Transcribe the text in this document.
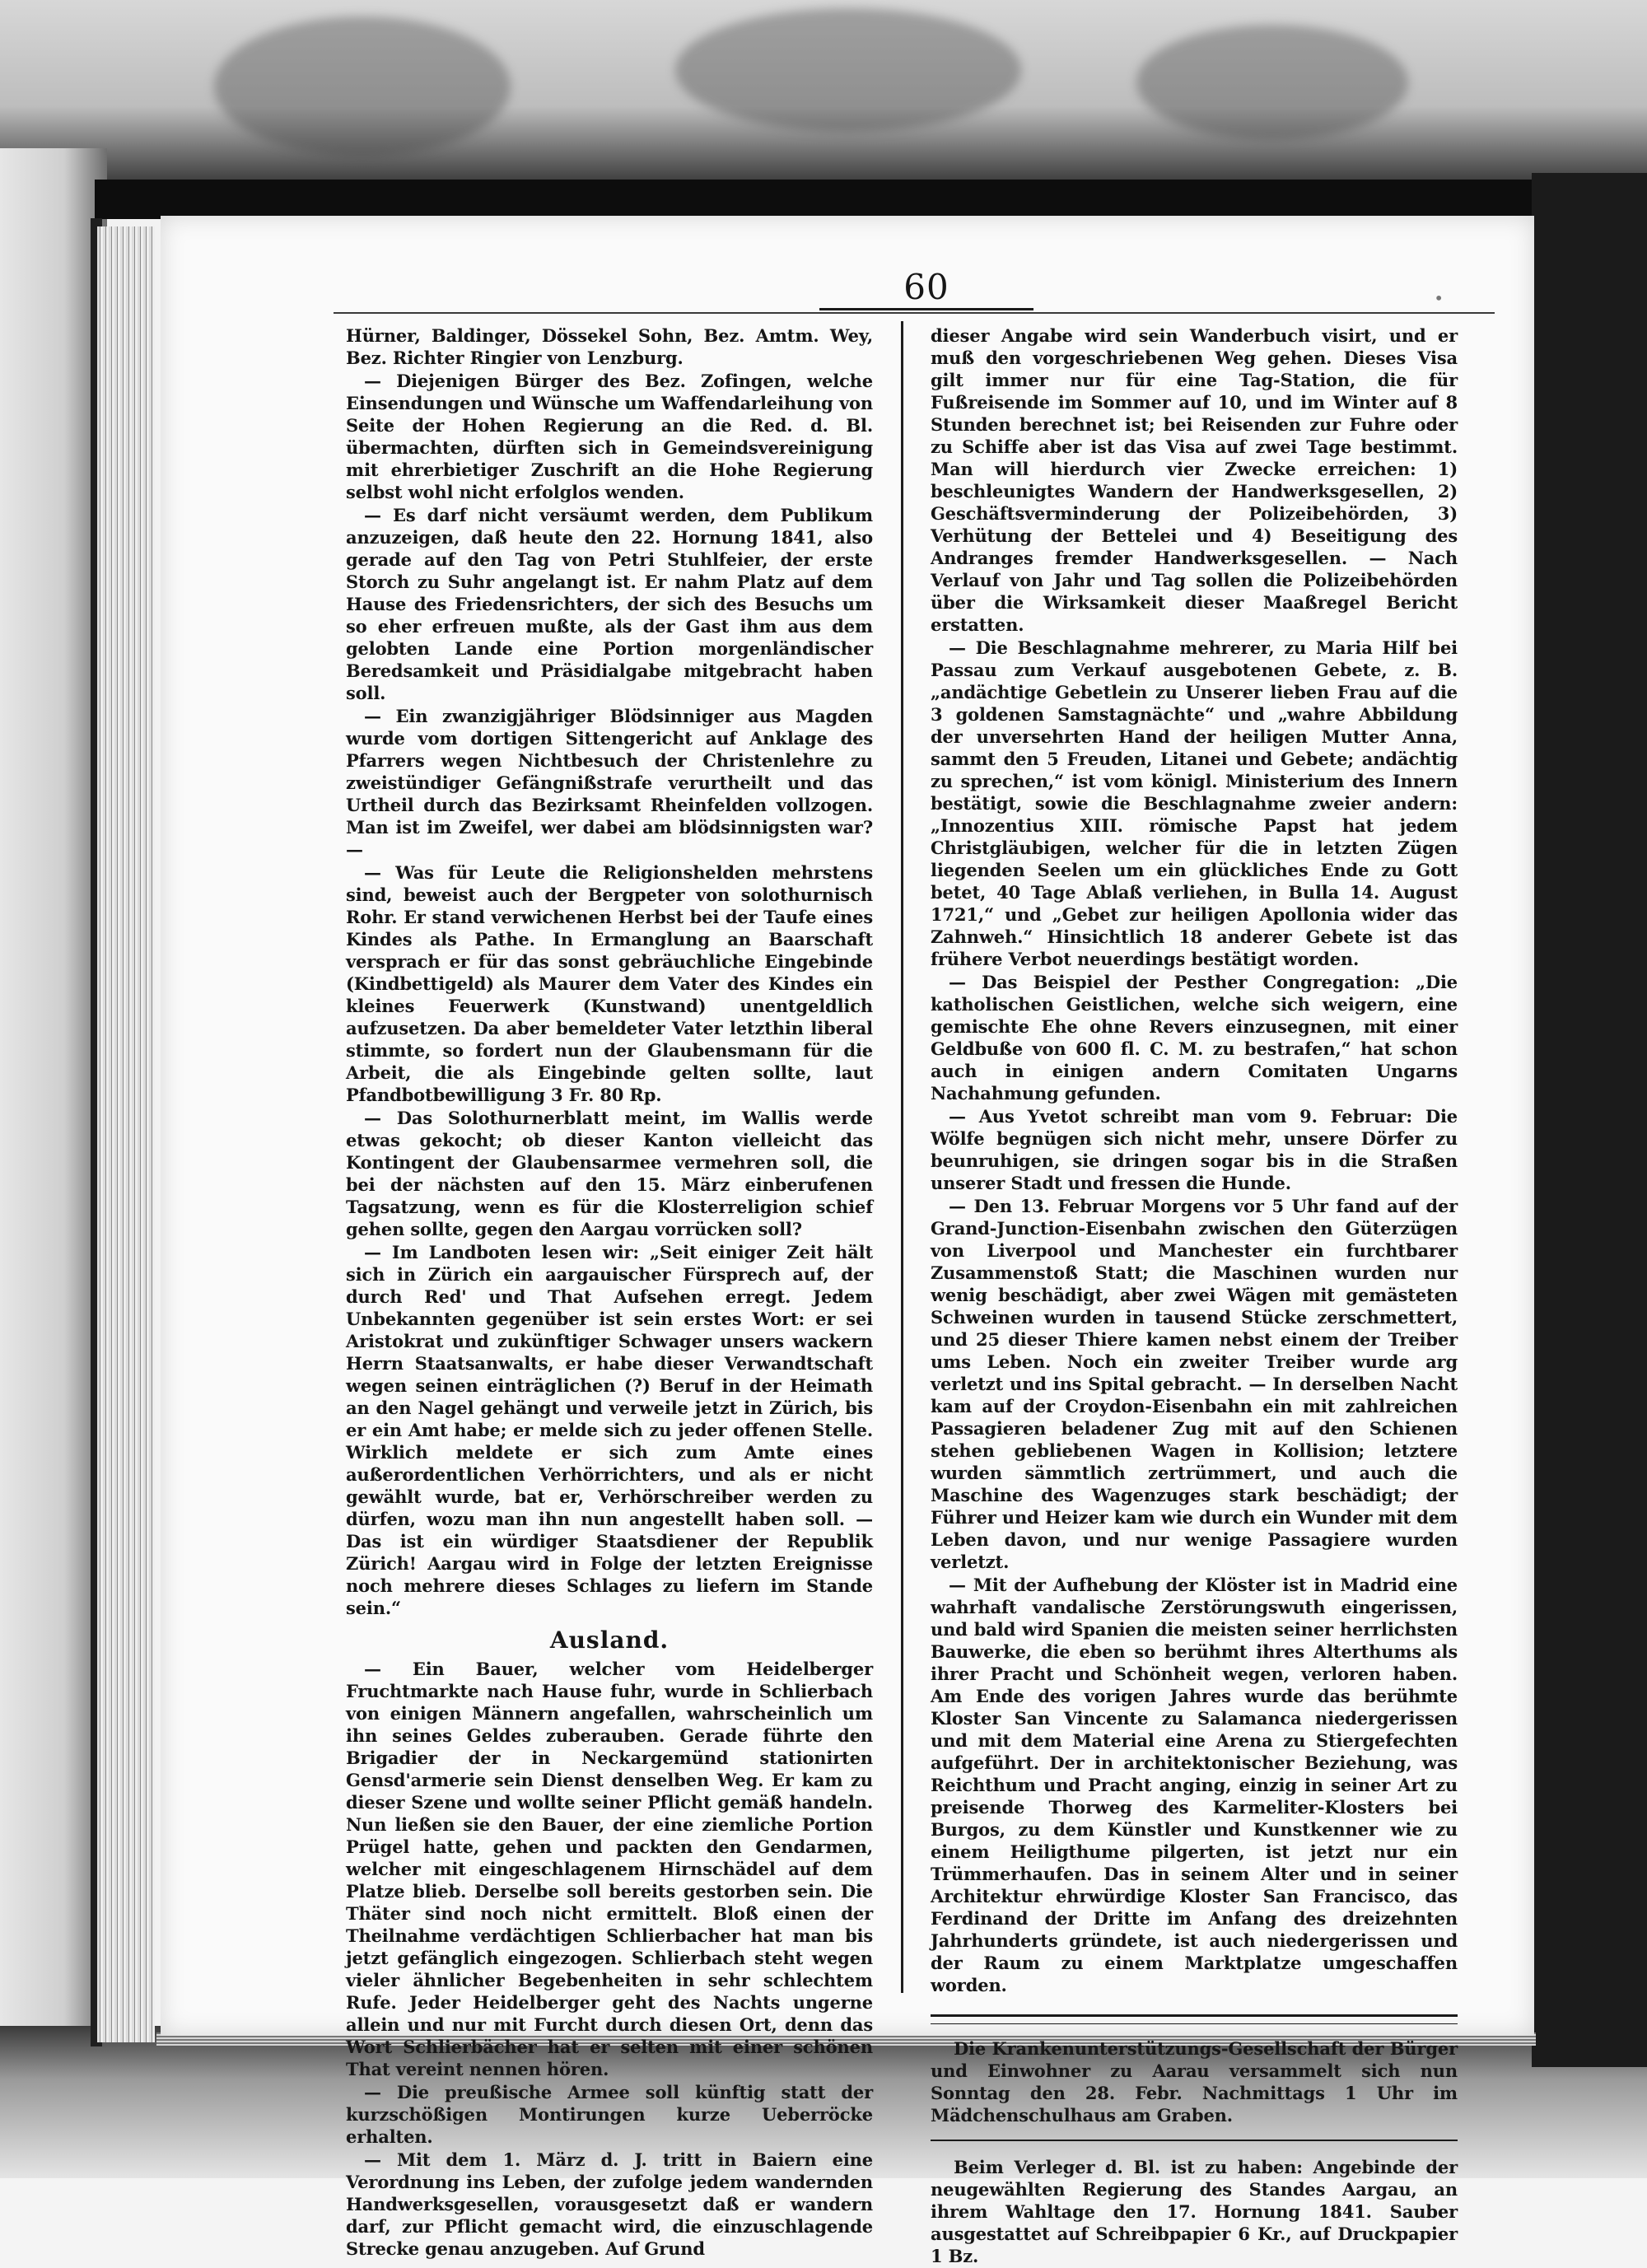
•
60

Hürner, Baldinger, Dössekel Sohn, Bez. Amtm. Wey, Bez. Richter Ringier von Lenzburg.

— Diejenigen Bürger des Bez. Zofingen, welche Einsendungen und Wünsche um Waffendarleihung von Seite der Hohen Regierung an die Red. d. Bl. übermachten, dürften sich in Gemeindsvereinigung mit ehrerbietiger Zuschrift an die Hohe Regierung selbst wohl nicht erfolglos wenden.

— Es darf nicht versäumt werden, dem Publikum anzuzeigen, daß heute den 22. Hornung 1841, also gerade auf den Tag von Petri Stuhlfeier, der erste Storch zu Suhr angelangt ist. Er nahm Platz auf dem Hause des Friedensrichters, der sich des Besuchs um so eher erfreuen mußte, als der Gast ihm aus dem gelobten Lande eine Portion morgenländischer Beredsamkeit und Präsidialgabe mitgebracht haben soll.

— Ein zwanzigjähriger Blödsinniger aus Magden wurde vom dortigen Sittengericht auf Anklage des Pfarrers wegen Nichtbesuch der Christenlehre zu zweistündiger Gefängnißstrafe verurtheilt und das Urtheil durch das Bezirksamt Rheinfelden vollzogen. Man ist im Zweifel, wer dabei am blödsinnigsten war? —

— Was für Leute die Religionshelden mehrstens sind, beweist auch der Bergpeter von solothurnisch Rohr. Er stand verwichenen Herbst bei der Taufe eines Kindes als Pathe. In Ermanglung an Baarschaft versprach er für das sonst gebräuchliche Eingebinde (Kindbettigeld) als Maurer dem Vater des Kindes ein kleines Feuerwerk (Kunstwand) unentgeldlich aufzusetzen. Da aber bemeldeter Vater letzthin liberal stimmte, so fordert nun der Glaubensmann für die Arbeit, die als Eingebinde gelten sollte, laut Pfandbotbewilligung 3 Fr. 80 Rp.

— Das Solothurnerblatt meint, im Wallis werde etwas gekocht; ob dieser Kanton vielleicht das Kontingent der Glaubensarmee vermehren soll, die bei der nächsten auf den 15. März einberufenen Tagsatzung, wenn es für die Klosterreligion schief gehen sollte, gegen den Aargau vorrücken soll?

— Im Landboten lesen wir: „Seit einiger Zeit hält sich in Zürich ein aargauischer Fürsprech auf, der durch Red' und That Aufsehen erregt. Jedem Unbekannten gegenüber ist sein erstes Wort: er sei Aristokrat und zukünftiger Schwager unsers wackern Herrn Staatsanwalts, er habe dieser Verwandtschaft wegen seinen einträglichen (?) Beruf in der Heimath an den Nagel gehängt und verweile jetzt in Zürich, bis er ein Amt habe; er melde sich zu jeder offenen Stelle. Wirklich meldete er sich zum Amte eines außerordentlichen Verhörrichters, und als er nicht gewählt wurde, bat er, Verhörschreiber werden zu dürfen, wozu man ihn nun angestellt haben soll. — Das ist ein würdiger Staatsdiener der Republik Zürich! Aargau wird in Folge der letzten Ereignisse noch mehrere dieses Schlages zu liefern im Stande sein.“

Ausland.

— Ein Bauer, welcher vom Heidelberger Fruchtmarkte nach Hause fuhr, wurde in Schlierbach von einigen Männern angefallen, wahrscheinlich um ihn seines Geldes zuberauben. Gerade führte den Brigadier der in Neckargemünd stationirten Gensd'armerie sein Dienst denselben Weg. Er kam zu dieser Szene und wollte seiner Pflicht gemäß handeln. Nun ließen sie den Bauer, der eine ziemliche Portion Prügel hatte, gehen und packten den Gendarmen, welcher mit eingeschlagenem Hirnschädel auf dem Platze blieb. Derselbe soll bereits gestorben sein. Die Thäter sind noch nicht ermittelt. Bloß einen der Theilnahme verdächtigen Schlierbacher hat man bis jetzt gefänglich eingezogen. Schlierbach steht wegen vieler ähnlicher Begebenheiten in sehr schlechtem Rufe. Jeder Heidelberger geht des Nachts ungerne allein und nur mit Furcht durch diesen Ort, denn das Wort Schlierbächer hat er selten mit einer schönen That vereint nennen hören.

— Die preußische Armee soll künftig statt der kurzschößigen Montirungen kurze Ueberröcke erhalten.

— Mit dem 1. März d. J. tritt in Baiern eine Verordnung ins Leben, der zufolge jedem wandernden Handwerksgesellen, vorausgesetzt daß er wandern darf, zur Pflicht gemacht wird, die einzuschlagende Strecke genau anzugeben. Auf Grund

dieser Angabe wird sein Wanderbuch visirt, und er muß den vorgeschriebenen Weg gehen. Dieses Visa gilt immer nur für eine Tag-Station, die für Fußreisende im Sommer auf 10, und im Winter auf 8 Stunden berechnet ist; bei Reisenden zur Fuhre oder zu Schiffe aber ist das Visa auf zwei Tage bestimmt. Man will hierdurch vier Zwecke erreichen: 1) beschleunigtes Wandern der Handwerksgesellen, 2) Geschäftsverminderung der Polizeibehörden, 3) Verhütung der Bettelei und 4) Beseitigung des Andranges fremder Handwerksgesellen. — Nach Verlauf von Jahr und Tag sollen die Polizeibehörden über die Wirksamkeit dieser Maaßregel Bericht erstatten.

— Die Beschlagnahme mehrerer, zu Maria Hilf bei Passau zum Verkauf ausgebotenen Gebete, z. B. „andächtige Gebetlein zu Unserer lieben Frau auf die 3 goldenen Samstagnächte“ und „wahre Abbildung der unversehrten Hand der heiligen Mutter Anna, sammt den 5 Freuden, Litanei und Gebete; andächtig zu sprechen,“ ist vom königl. Ministerium des Innern bestätigt, sowie die Beschlagnahme zweier andern: „Innozentius XIII. römische Papst hat jedem Christgläubigen, welcher für die in letzten Zügen liegenden Seelen um ein glückliches Ende zu Gott betet, 40 Tage Ablaß verliehen, in Bulla 14. August 1721,“ und „Gebet zur heiligen Apollonia wider das Zahnweh.“ Hinsichtlich 18 anderer Gebete ist das frühere Verbot neuerdings bestätigt worden.

— Das Beispiel der Pesther Congregation: „Die katholischen Geistlichen, welche sich weigern, eine gemischte Ehe ohne Revers einzusegnen, mit einer Geldbuße von 600 fl. C. M. zu bestrafen,“ hat schon auch in einigen andern Comitaten Ungarns Nachahmung gefunden.

— Aus Yvetot schreibt man vom 9. Februar: Die Wölfe begnügen sich nicht mehr, unsere Dörfer zu beunruhigen, sie dringen sogar bis in die Straßen unserer Stadt und fressen die Hunde.

— Den 13. Februar Morgens vor 5 Uhr fand auf der Grand-Junction-Eisenbahn zwischen den Güterzügen von Liverpool und Manchester ein furchtbarer Zusammenstoß Statt; die Maschinen wurden nur wenig beschädigt, aber zwei Wägen mit gemästeten Schweinen wurden in tausend Stücke zerschmettert, und 25 dieser Thiere kamen nebst einem der Treiber ums Leben. Noch ein zweiter Treiber wurde arg verletzt und ins Spital gebracht. — In derselben Nacht kam auf der Croydon-Eisenbahn ein mit zahlreichen Passagieren beladener Zug mit auf den Schienen stehen gebliebenen Wagen in Kollision; letztere wurden sämmtlich zertrümmert, und auch die Maschine des Wagenzuges stark beschädigt; der Führer und Heizer kam wie durch ein Wunder mit dem Leben davon, und nur wenige Passagiere wurden verletzt.

— Mit der Aufhebung der Klöster ist in Madrid eine wahrhaft vandalische Zerstörungswuth eingerissen, und bald wird Spanien die meisten seiner herrlichsten Bauwerke, die eben so berühmt ihres Alterthums als ihrer Pracht und Schönheit wegen, verloren haben. Am Ende des vorigen Jahres wurde das berühmte Kloster San Vincente zu Salamanca niedergerissen und mit dem Material eine Arena zu Stiergefechten aufgeführt. Der in architektonischer Beziehung, was Reichthum und Pracht anging, einzig in seiner Art zu preisende Thorweg des Karmeliter-Klosters bei Burgos, zu dem Künstler und Kunstkenner wie zu einem Heiligthume pilgerten, ist jetzt nur ein Trümmerhaufen. Das in seinem Alter und in seiner Architektur ehrwürdige Kloster San Francisco, das Ferdinand der Dritte im Anfang des dreizehnten Jahrhunderts gründete, ist auch niedergerissen und der Raum zu einem Marktplatze umgeschaffen worden.

Die Krankenunterstützungs-Gesellschaft der Bürger und Einwohner zu Aarau versammelt sich nun Sonntag den 28. Febr. Nachmittags 1 Uhr im Mädchenschulhaus am Graben.

Beim Verleger d. Bl. ist zu haben: Angebinde der neugewählten Regierung des Standes Aargau, an ihrem Wahltage den 17. Hornung 1841. Sauber ausgestattet auf Schreibpapier 6 Kr., auf Druckpapier 1 Bz.
